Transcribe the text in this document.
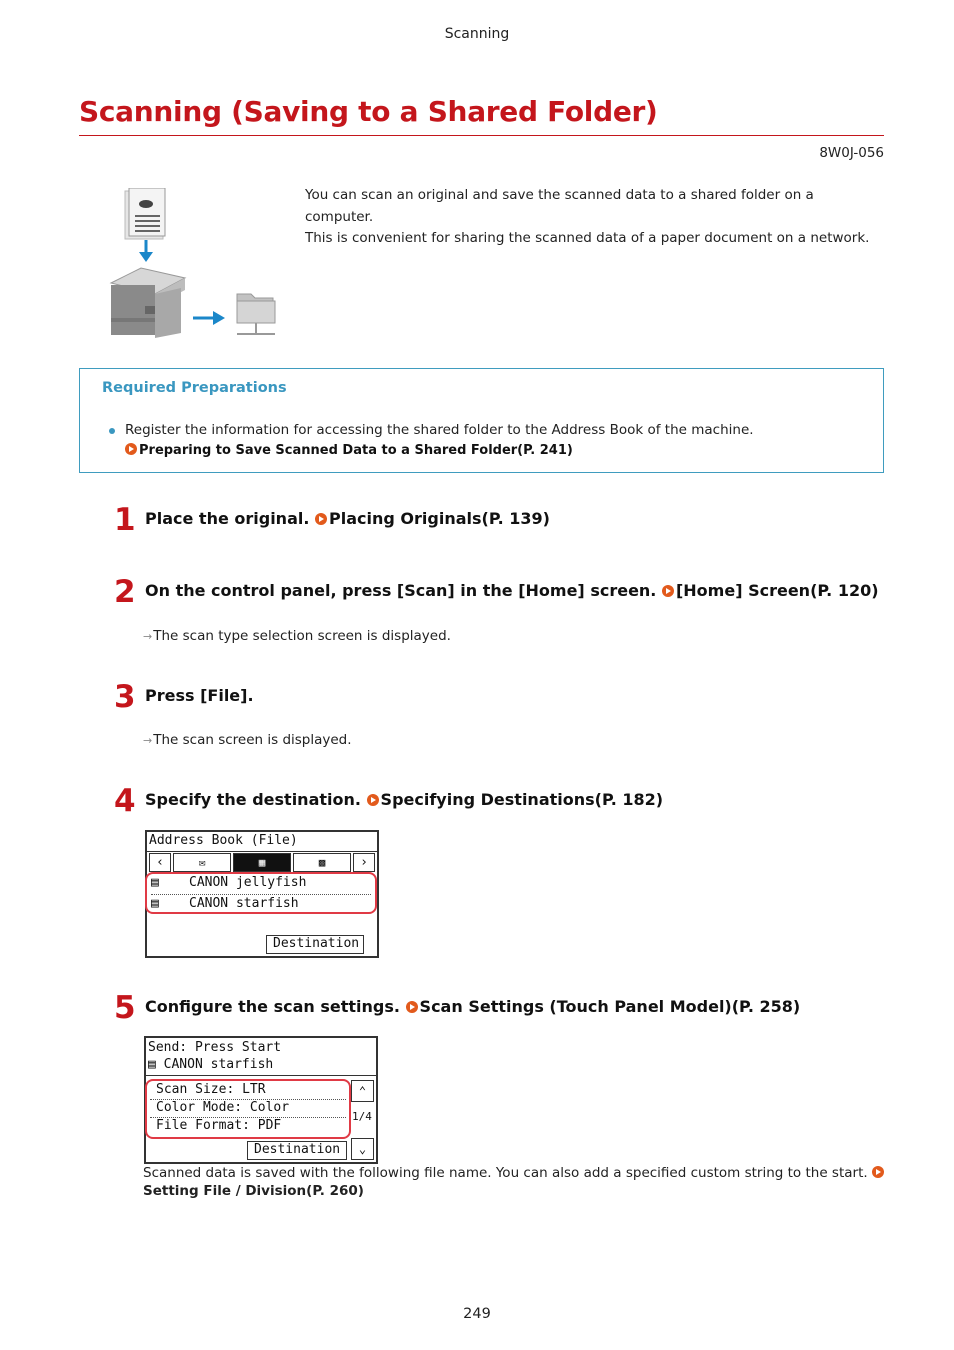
Scanning
Scanning (Saving to a Shared Folder)
8W0J-056
You can scan an original and save the scanned data to a shared folder on a computer.
This is convenient for sharing the scanned data of a paper document on a network.
Required Preparations
Register the information for accessing the shared folder to the Address Book of the machine.
Preparing to Save Scanned Data to a Shared Folder(P. 241)
1 Place the original. Placing Originals(P. 139)
2 On the control panel, press [Scan] in the [Home] screen. [Home] Screen(P. 120)
→ The scan type selection screen is displayed.
3 Press [File].
→ The scan screen is displayed.
4 Specify the destination. Specifying Destinations(P. 182)
Address Book (File)
‹	✉	▦	▩	›
▤ CANON jellyfish
▤ CANON starfish
Destination
5 Configure the scan settings. Scan Settings (Touch Panel Model)(P. 258)
Send: Press Start
▤ CANON starfish
Scan Size: LTR
Color Mode: Color
File Format: PDF
⌃
1/4
⌄
Destination
Scanned data is saved with the following file name. You can also add a specified custom string to the start.
Setting File / Division(P. 260)
249
